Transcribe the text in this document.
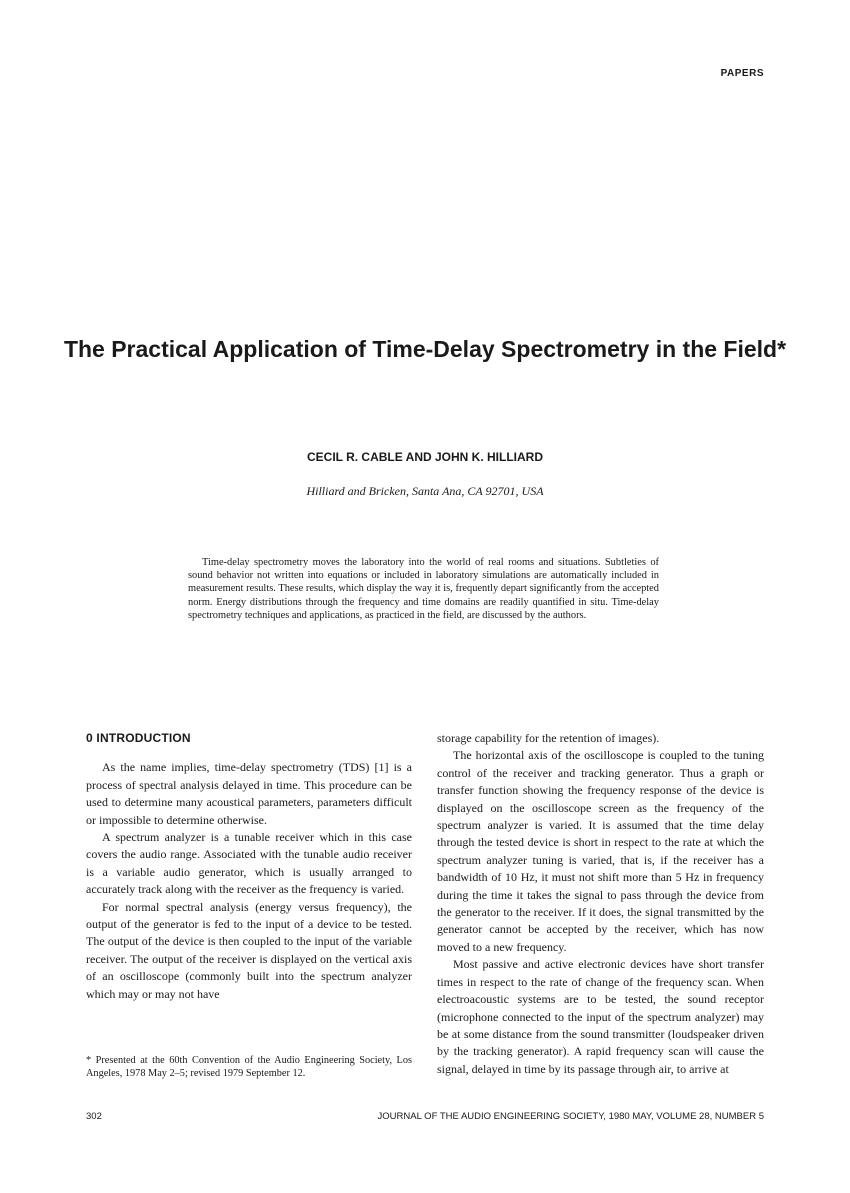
PAPERS
The Practical Application of Time-Delay Spectrometry in the Field*
CECIL R. CABLE AND JOHN K. HILLIARD
Hilliard and Bricken, Santa Ana, CA 92701, USA
Time-delay spectrometry moves the laboratory into the world of real rooms and situations. Subtleties of sound behavior not written into equations or included in laboratory simulations are automatically included in measurement results. These results, which display the way it is, frequently depart significantly from the accepted norm. Energy distributions through the frequency and time domains are readily quantified in situ. Time-delay spectrometry techniques and applications, as practiced in the field, are discussed by the authors.
0 INTRODUCTION

As the name implies, time-delay spectrometry (TDS) [1] is a process of spectral analysis delayed in time. This procedure can be used to determine many acoustical parameters, parameters difficult or impossible to determine otherwise.

A spectrum analyzer is a tunable receiver which in this case covers the audio range. Associated with the tunable audio receiver is a variable audio generator, which is usually arranged to accurately track along with the receiver as the frequency is varied.

For normal spectral analysis (energy versus frequency), the output of the generator is fed to the input of a device to be tested. The output of the device is then coupled to the input of the variable receiver. The output of the receiver is displayed on the vertical axis of an oscilloscope (commonly built into the spectrum analyzer which may or may not have

storage capability for the retention of images).

The horizontal axis of the oscilloscope is coupled to the tuning control of the receiver and tracking generator. Thus a graph or transfer function showing the frequency response of the device is displayed on the oscilloscope screen as the frequency of the spectrum analyzer is varied. It is assumed that the time delay through the tested device is short in respect to the rate at which the spectrum analyzer tuning is varied, that is, if the receiver has a bandwidth of 10 Hz, it must not shift more than 5 Hz in frequency during the time it takes the signal to pass through the device from the generator to the receiver. If it does, the signal transmitted by the generator cannot be accepted by the receiver, which has now moved to a new frequency.

Most passive and active electronic devices have short transfer times in respect to the rate of change of the frequency scan. When electroacoustic systems are to be tested, the sound receptor (microphone connected to the input of the spectrum analyzer) may be at some distance from the sound transmitter (loudspeaker driven by the tracking generator). A rapid frequency scan will cause the signal, delayed in time by its passage through air, to arrive at

* Presented at the 60th Convention of the Audio Engineering Society, Los Angeles, 1978 May 2–5; revised 1979 September 12.
302	JOURNAL OF THE AUDIO ENGINEERING SOCIETY, 1980 MAY, VOLUME 28, NUMBER 5
